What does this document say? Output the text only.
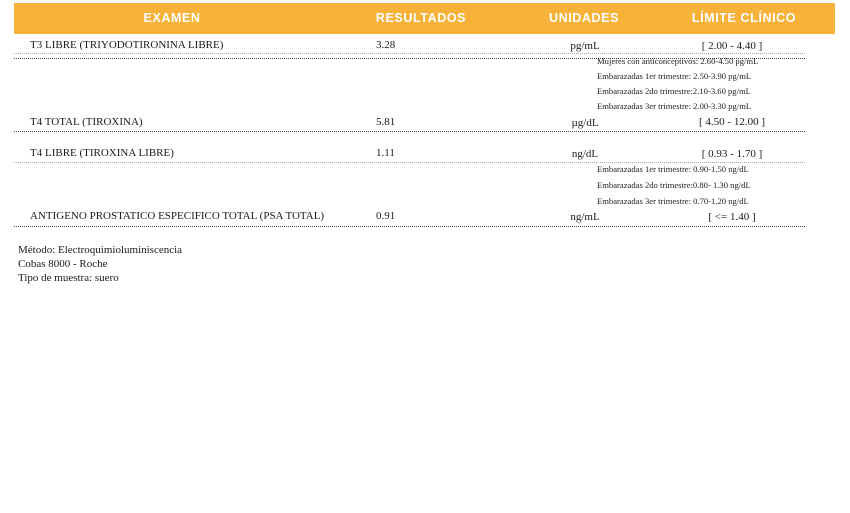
EXAMEN	RESULTADOS	UNIDADES	LÍMITE CLÍNICO
T3 LIBRE (TRIYODOTIRONINA LIBRE)	3.28	pg/mL	[ 2.00 - 4.40 ]
Mujeres con anticonceptivos: 2.60-4.50 pg/mL
Embarazadas 1er trimestre: 2.50-3.90 pg/mL
Embarazadas 2do trimestre:2.10-3.60 pg/mL
Embarazadas 3er trimestre: 2.00-3.30 pg/mL
T4 TOTAL (TIROXINA)	5.81	µg/dL	[ 4.50 - 12.00 ]
T4 LIBRE (TIROXINA LIBRE)	1.11	ng/dL	[ 0.93 - 1.70 ]
Embarazadas 1er trimestre: 0.90-1.50 ng/dL
Embarazadas 2do trimestre:0.80- 1.30 ng/dL
Embarazadas 3er trimestre: 0.70-1.20 ng/dL
ANTIGENO PROSTATICO ESPECIFICO TOTAL (PSA TOTAL)	0.91	ng/mL	[ <= 1.40 ]
Método: Electroquimioluminiscencia
Cobas 8000 - Roche
Tipo de muestra: suero
